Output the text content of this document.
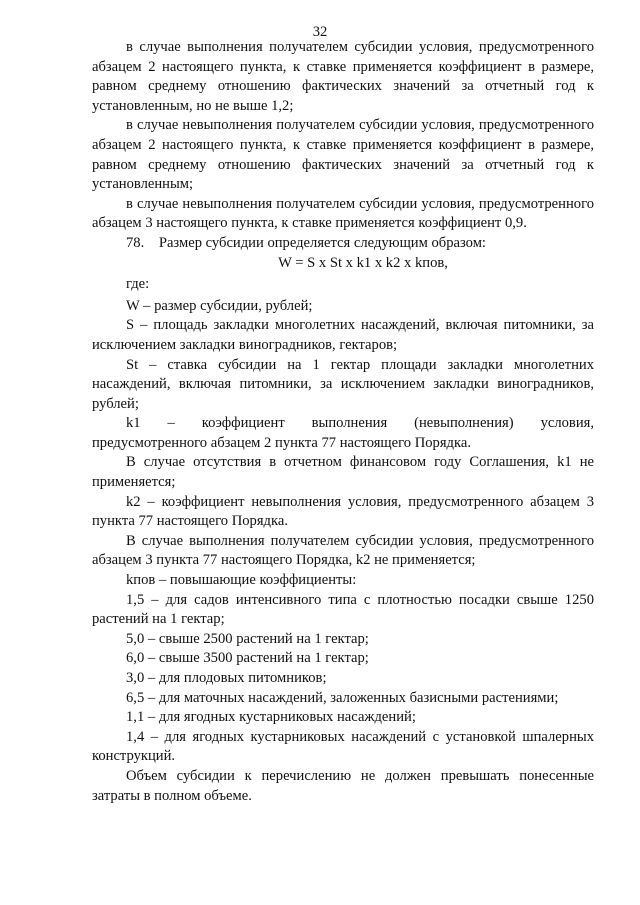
32

в случае выполнения получателем субсидии условия, предусмотренного абзацем 2 настоящего пункта, к ставке применяется коэффициент в размере, равном среднему отношению фактических значений за отчетный год к установленным, но не выше 1,2;

в случае невыполнения получателем субсидии условия, предусмотренного абзацем 2 настоящего пункта, к ставке применяется коэффициент в размере, равном среднему отношению фактических значений за отчетный год к установленным;

в случае невыполнения получателем субсидии условия, предусмотренного абзацем 3 настоящего пункта, к ставке применяется коэффициент 0,9.

78.    Размер субсидии определяется следующим образом:

W = S х St х k1 х k2 х kпов,

где:

W – размер субсидии, рублей;

S – площадь закладки многолетних насаждений, включая питомники, за исключением закладки виноградников, гектаров;

St – ставка субсидии на 1 гектар площади закладки многолетних насаждений, включая питомники, за исключением закладки виноградников, рублей;

k1 – коэффициент выполнения (невыполнения) условия, предусмотренного абзацем 2 пункта 77 настоящего Порядка.

В случае отсутствия в отчетном финансовом году Соглашения, k1 не применяется;

k2 – коэффициент невыполнения условия, предусмотренного абзацем 3 пункта 77 настоящего Порядка.

В случае выполнения получателем субсидии условия, предусмотренного абзацем 3 пункта 77 настоящего Порядка, k2 не применяется;

kпов – повышающие коэффициенты:

1,5 – для садов интенсивного типа с плотностью посадки свыше 1250 растений на 1 гектар;

5,0 – свыше 2500 растений на 1 гектар;

6,0 – свыше 3500 растений на 1 гектар;

3,0 – для плодовых питомников;

6,5 – для маточных насаждений, заложенных базисными растениями;

1,1 – для ягодных кустарниковых насаждений;

1,4 – для ягодных кустарниковых насаждений с установкой шпалерных конструкций.

Объем субсидии к перечислению не должен превышать понесенные затраты в полном объеме.
